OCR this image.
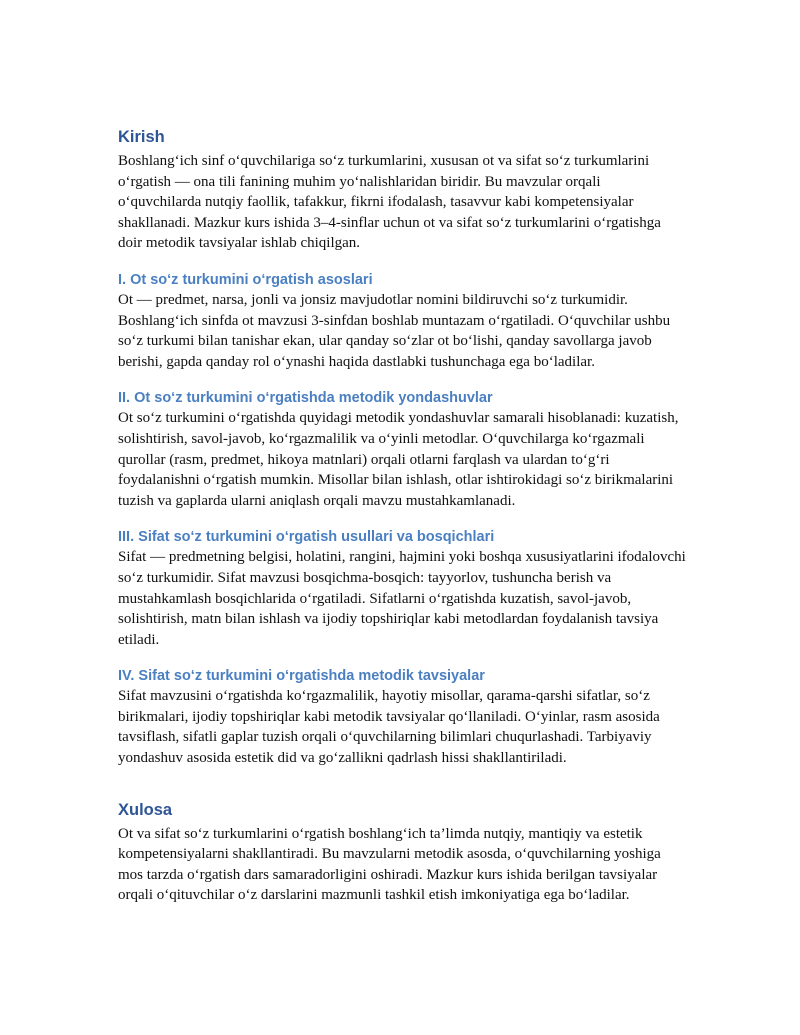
Kirish

Boshlang‘ich sinf o‘quvchilariga so‘z turkumlarini, xususan ot va sifat so‘z turkumlarini o‘rgatish — ona tili fanining muhim yo‘nalishlaridan biridir. Bu mavzular orqali o‘quvchilarda nutqiy faollik, tafakkur, fikrni ifodalash, tasavvur kabi kompetensiyalar shakllanadi. Mazkur kurs ishida 3–4-sinflar uchun ot va sifat so‘z turkumlarini o‘rgatishga doir metodik tavsiyalar ishlab chiqilgan.

I. Ot so‘z turkumini o‘rgatish asoslari

Ot — predmet, narsa, jonli va jonsiz mavjudotlar nomini bildiruvchi so‘z turkumidir. Boshlang‘ich sinfda ot mavzusi 3-sinfdan boshlab muntazam o‘rgatiladi. O‘quvchilar ushbu so‘z turkumi bilan tanishar ekan, ular qanday so‘zlar ot bo‘lishi, qanday savollarga javob berishi, gapda qanday rol o‘ynashi haqida dastlabki tushunchaga ega bo‘ladilar.

II. Ot so‘z turkumini o‘rgatishda metodik yondashuvlar

Ot so‘z turkumini o‘rgatishda quyidagi metodik yondashuvlar samarali hisoblanadi: kuzatish, solishtirish, savol-javob, ko‘rgazmalilik va o‘yinli metodlar. O‘quvchilarga ko‘rgazmali qurollar (rasm, predmet, hikoya matnlari) orqali otlarni farqlash va ulardan to‘g‘ri foydalanishni o‘rgatish mumkin. Misollar bilan ishlash, otlar ishtirokidagi so‘z birikmalarini tuzish va gaplarda ularni aniqlash orqali mavzu mustahkamlanadi.

III. Sifat so‘z turkumini o‘rgatish usullari va bosqichlari

Sifat — predmetning belgisi, holatini, rangini, hajmini yoki boshqa xususiyatlarini ifodalovchi so‘z turkumidir. Sifat mavzusi bosqichma-bosqich: tayyorlov, tushuncha berish va mustahkamlash bosqichlarida o‘rgatiladi. Sifatlarni o‘rgatishda kuzatish, savol-javob, solishtirish, matn bilan ishlash va ijodiy topshiriqlar kabi metodlardan foydalanish tavsiya etiladi.

IV. Sifat so‘z turkumini o‘rgatishda metodik tavsiyalar

Sifat mavzusini o‘rgatishda ko‘rgazmalilik, hayotiy misollar, qarama-qarshi sifatlar, so‘z birikmalari, ijodiy topshiriqlar kabi metodik tavsiyalar qo‘llaniladi. O‘yinlar, rasm asosida tavsiflash, sifatli gaplar tuzish orqali o‘quvchilarning bilimlari chuqurlashadi. Tarbiyaviy yondashuv asosida estetik did va go‘zallikni qadrlash hissi shakllantiriladi.

Xulosa

Ot va sifat so‘z turkumlarini o‘rgatish boshlang‘ich ta’limda nutqiy, mantiqiy va estetik kompetensiyalarni shakllantiradi. Bu mavzularni metodik asosda, o‘quvchilarning yoshiga mos tarzda o‘rgatish dars samaradorligini oshiradi. Mazkur kurs ishida berilgan tavsiyalar orqali o‘qituvchilar o‘z darslarini mazmunli tashkil etish imkoniyatiga ega bo‘ladilar.
